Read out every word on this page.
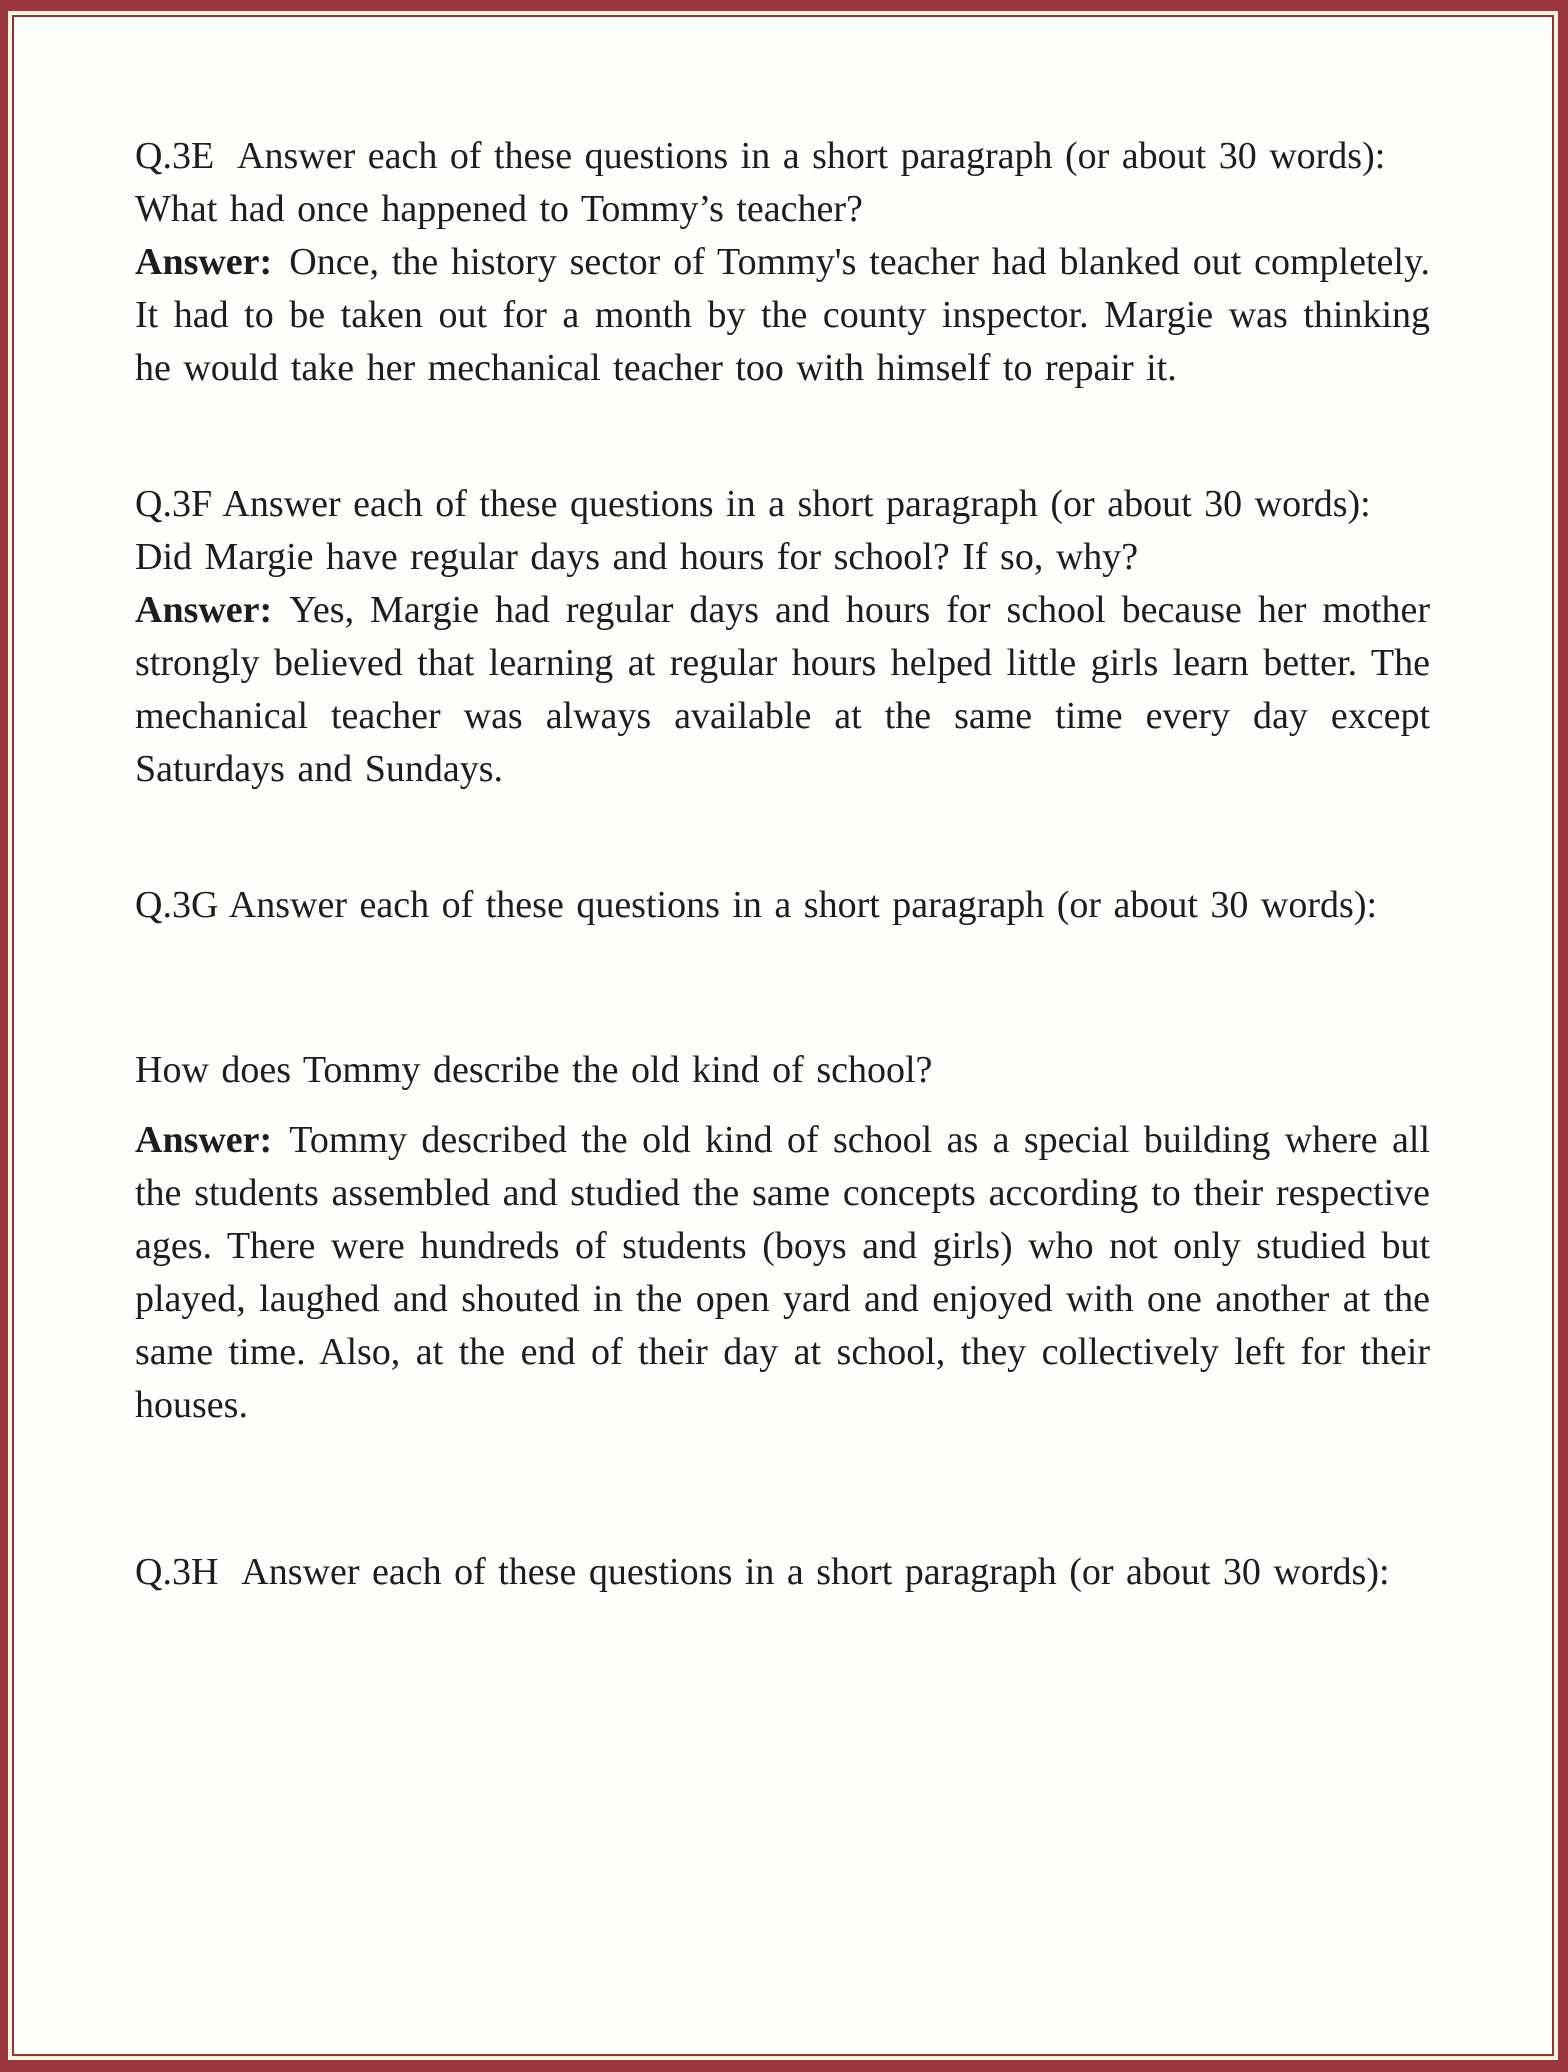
Q.3E  Answer each of these questions in a short paragraph (or about 30 words):

What had once happened to Tommy’s teacher?

Answer: Once, the history sector of Tommy's teacher had blanked out completely. It had to be taken out for a month by the county inspector. Margie was thinking he would take her mechanical teacher too with himself to repair it.

Q.3F Answer each of these questions in a short paragraph (or about 30 words):

Did Margie have regular days and hours for school? If so, why?

Answer: Yes, Margie had regular days and hours for school because her mother strongly believed that learning at regular hours helped little girls learn better. The mechanical teacher was always available at the same time every day except Saturdays and Sundays.

Q.3G Answer each of these questions in a short paragraph (or about 30 words):

How does Tommy describe the old kind of school?

Answer: Tommy described the old kind of school as a special building where all the students assembled and studied the same concepts according to their respective ages. There were hundreds of students (boys and girls) who not only studied but played, laughed and shouted in the open yard and enjoyed with one another at the same time. Also, at the end of their day at school, they collectively left for their houses.

Q.3H  Answer each of these questions in a short paragraph (or about 30 words):
